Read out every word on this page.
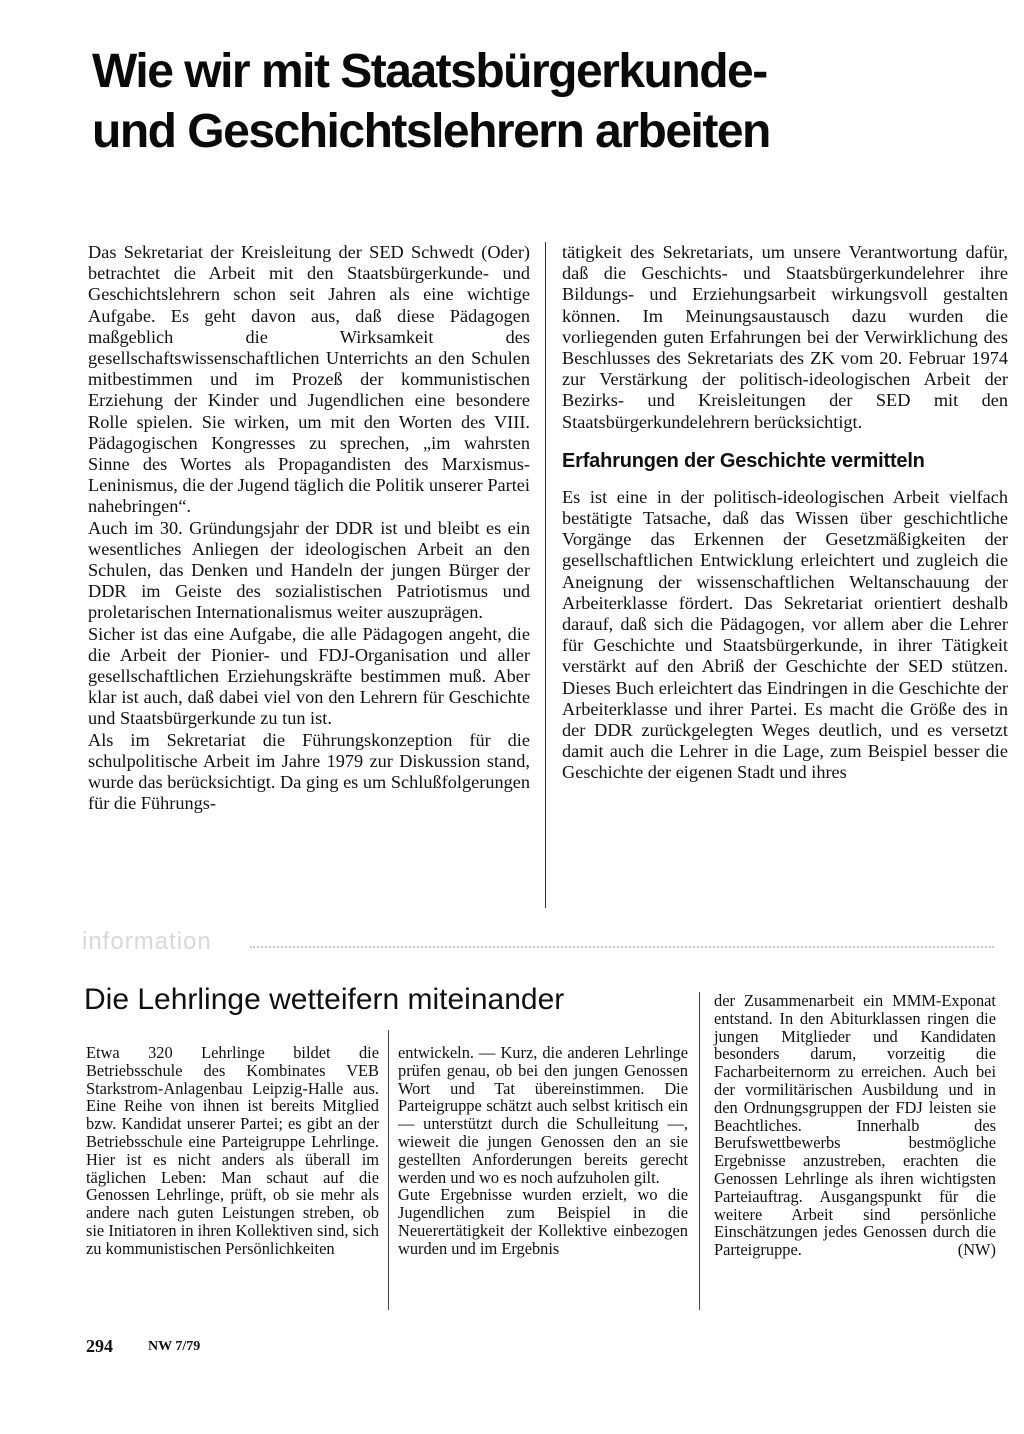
Wie wir mit Staatsbürgerkunde-
und Geschichtslehrern arbeiten

Das Sekretariat der Kreisleitung der SED Schwedt (Oder) betrachtet die Arbeit mit den Staatsbürgerkunde- und Geschichtslehrern schon seit Jahren als eine wichtige Aufgabe. Es geht davon aus, daß diese Pädagogen maßgeblich die Wirksamkeit des gesellschaftswissenschaftlichen Unterrichts an den Schulen mitbestimmen und im Prozeß der kommunistischen Erziehung der Kinder und Jugendlichen eine besondere Rolle spielen. Sie wirken, um mit den Worten des VIII. Pädagogischen Kongresses zu sprechen, „im wahrsten Sinne des Wortes als Propagandisten des Marxismus-Leninismus, die der Jugend täglich die Politik unserer Partei nahebringen“.

Auch im 30. Gründungsjahr der DDR ist und bleibt es ein wesentliches Anliegen der ideologischen Arbeit an den Schulen, das Denken und Handeln der jungen Bürger der DDR im Geiste des sozialistischen Patriotismus und proletarischen Internationalismus weiter auszuprägen.

Sicher ist das eine Aufgabe, die alle Pädagogen angeht, die die Arbeit der Pionier- und FDJ-Organisation und aller gesellschaftlichen Erziehungskräfte bestimmen muß. Aber klar ist auch, daß dabei viel von den Lehrern für Geschichte und Staatsbürgerkunde zu tun ist.

Als im Sekretariat die Führungskonzeption für die schulpolitische Arbeit im Jahre 1979 zur Diskussion stand, wurde das berücksichtigt. Da ging es um Schlußfolgerungen für die Führungs-

tätigkeit des Sekretariats, um unsere Verantwortung dafür, daß die Geschichts- und Staatsbürgerkundelehrer ihre Bildungs- und Erziehungsarbeit wirkungsvoll gestalten können. Im Meinungsaustausch dazu wurden die vorliegenden guten Erfahrungen bei der Verwirklichung des Beschlusses des Sekretariats des ZK vom 20. Februar 1974 zur Verstärkung der politisch-ideologischen Arbeit der Bezirks- und Kreisleitungen der SED mit den Staatsbürgerkundelehrern berücksichtigt.

Erfahrungen der Geschichte vermitteln

Es ist eine in der politisch-ideologischen Arbeit vielfach bestätigte Tatsache, daß das Wissen über geschichtliche Vorgänge das Erkennen der Gesetzmäßigkeiten der gesellschaftlichen Entwicklung erleichtert und zugleich die Aneignung der wissenschaftlichen Weltanschauung der Arbeiterklasse fördert. Das Sekretariat orientiert deshalb darauf, daß sich die Pädagogen, vor allem aber die Lehrer für Geschichte und Staatsbürgerkunde, in ihrer Tätigkeit verstärkt auf den Abriß der Geschichte der SED stützen. Dieses Buch erleichtert das Eindringen in die Geschichte der Arbeiterklasse und ihrer Partei. Es macht die Größe des in der DDR zurückgelegten Weges deutlich, und es versetzt damit auch die Lehrer in die Lage, zum Beispiel besser die Geschichte der eigenen Stadt und ihres

information
Die Lehrlinge wetteifern miteinander

Etwa 320 Lehrlinge bildet die Betriebsschule des Kombinates VEB Starkstrom-Anlagenbau Leipzig-Halle aus. Eine Reihe von ihnen ist bereits Mitglied bzw. Kandidat unserer Partei; es gibt an der Betriebsschule eine Parteigruppe Lehrlinge. Hier ist es nicht anders als überall im täglichen Leben: Man schaut auf die Genossen Lehrlinge, prüft, ob sie mehr als andere nach guten Leistungen streben, ob sie Initiatoren in ihren Kollektiven sind, sich zu kommunistischen Persönlichkeiten

entwickeln. — Kurz, die anderen Lehrlinge prüfen genau, ob bei den jungen Genossen Wort und Tat übereinstimmen. Die Parteigruppe schätzt auch selbst kritisch ein — unterstützt durch die Schulleitung —, wieweit die jungen Genossen den an sie gestellten Anforderungen bereits gerecht werden und wo es noch aufzuholen gilt.

Gute Ergebnisse wurden erzielt, wo die Jugendlichen zum Beispiel in die Neuerertätigkeit der Kollektive einbezogen wurden und im Ergebnis

der Zusammenarbeit ein MMM-Exponat entstand. In den Abiturklassen ringen die jungen Mitglieder und Kandidaten besonders darum, vorzeitig die Facharbeiternorm zu erreichen. Auch bei der vormilitärischen Ausbildung und in den Ordnungsgruppen der FDJ leisten sie Beachtliches. Innerhalb des Berufswettbewerbs bestmögliche Ergebnisse anzustreben, erachten die Genossen Lehrlinge als ihren wichtigsten Parteiauftrag. Ausgangspunkt für die weitere Arbeit sind persönliche Einschätzungen jedes Genossen durch die Parteigruppe.	(NW)

294	NW 7/79
